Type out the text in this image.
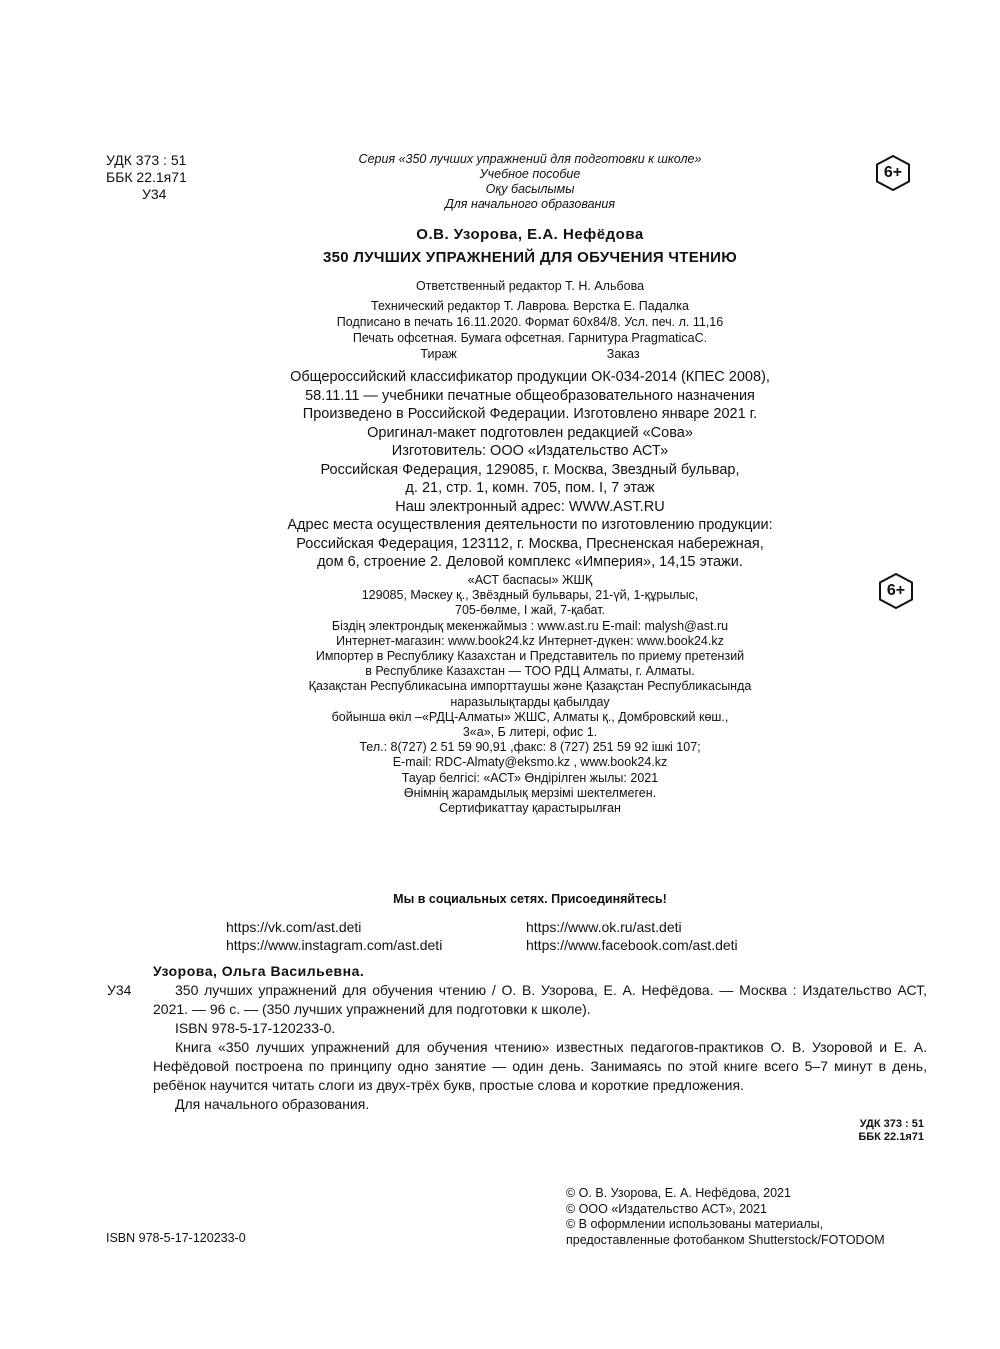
УДК 373 : 51
ББК 22.1я71
У34
6+
6+
Серия «350 лучших упражнений для подготовки к школе»
Учебное пособие
Оқу басылымы
Для начального образования
О.В. Узорова, Е.А. Нефёдова
350 ЛУЧШИХ УПРАЖНЕНИЙ ДЛЯ ОБУЧЕНИЯ ЧТЕНИЮ
Ответственный редактор Т. Н. Альбова
Технический редактор Т. Лаврова. Верстка Е. Падалка
Подписано в печать 16.11.2020. Формат 60х84/8. Усл. печ. л. 11,16
Печать офсетная. Бумага офсетная. Гарнитура PragmaticaC.
Тираж	Заказ
Общероссийский классификатор продукции ОК-034-2014 (КПЕС 2008),
58.11.11 — учебники печатные общеобразовательного назначения
Произведено в Российской Федерации. Изготовлено январе 2021 г.
Оригинал-макет подготовлен редакцией «Сова»
Изготовитель: ООО «Издательство АСТ»
Российская Федерация, 129085, г. Москва, Звездный бульвар,
д. 21, стр. 1, комн. 705, пом. I, 7 этаж
Наш электронный адрес: WWW.AST.RU
Адрес места осуществления деятельности по изготовлению продукции:
Российская Федерация, 123112, г. Москва, Пресненская набережная,
дом 6, строение 2. Деловой комплекс «Империя», 14,15 этажи.
«АСТ баспасы» ЖШҚ
129085, Мәскеу қ., Звёздный бульвары, 21-үй, 1-құрылыс,
705-бөлме, I жай, 7-қабат.
Біздің электрондық мекенжаймыз : www.ast.ru E-mail: malysh@ast.ru
Интернет-магазин: www.book24.kz Интернет-дүкен: www.book24.kz
Импортер в Республику Казахстан и Представитель по приему претензий
в Республике Казахстан — ТОО РДЦ Алматы, г. Алматы.
Қазақстан Республикасына импорттаушы және Қазақстан Республикасында
наразылықтарды қабылдау
бойынша өкіл –«РДЦ-Алматы» ЖШС, Алматы қ., Домбровский көш.,
3«а», Б литері, офис 1.
Тел.: 8(727) 2 51 59 90,91 ,факс: 8 (727) 251 59 92 ішкі 107;
E-mail: RDC-Almaty@eksmo.kz , www.book24.kz
Тауар белгісі: «АСТ» Өндірілген жылы: 2021
Өнімнің жарамдылық мерзімі шектелмеген.
Сертификаттау қарастырылған
Мы в социальных сетях. Присоединяйтесь!
https://vk.com/ast.deti
https://www.instagram.com/ast.deti
https://www.ok.ru/ast.deti
https://www.facebook.com/ast.deti
Узорова, Ольга Васильевна.
У34	350 лучших упражнений для обучения чтению / О. В. Узорова, Е. А. Нефёдова. — Москва : Издательство АСТ, 2021. — 96 с. — (350 лучших упражнений для подготовки к школе).
ISBN 978-5-17-120233-0.
Книга «350 лучших упражнений для обучения чтению» известных педагогов-практиков О. В. Узоровой и Е. А. Нефёдовой построена по принципу одно занятие — один день. Занимаясь по этой книге всего 5–7 минут в день, ребёнок научится читать слоги из двух-трёх букв, простые слова и короткие предложения.
Для начального образования.
УДК 373 : 51
ББК 22.1я71
© О. В. Узорова, Е. А. Нефёдова, 2021
© ООО «Издательство АСТ», 2021
© В оформлении использованы материалы,
предоставленные фотобанком Shutterstock/FOTODOM
ISBN 978-5-17-120233-0
